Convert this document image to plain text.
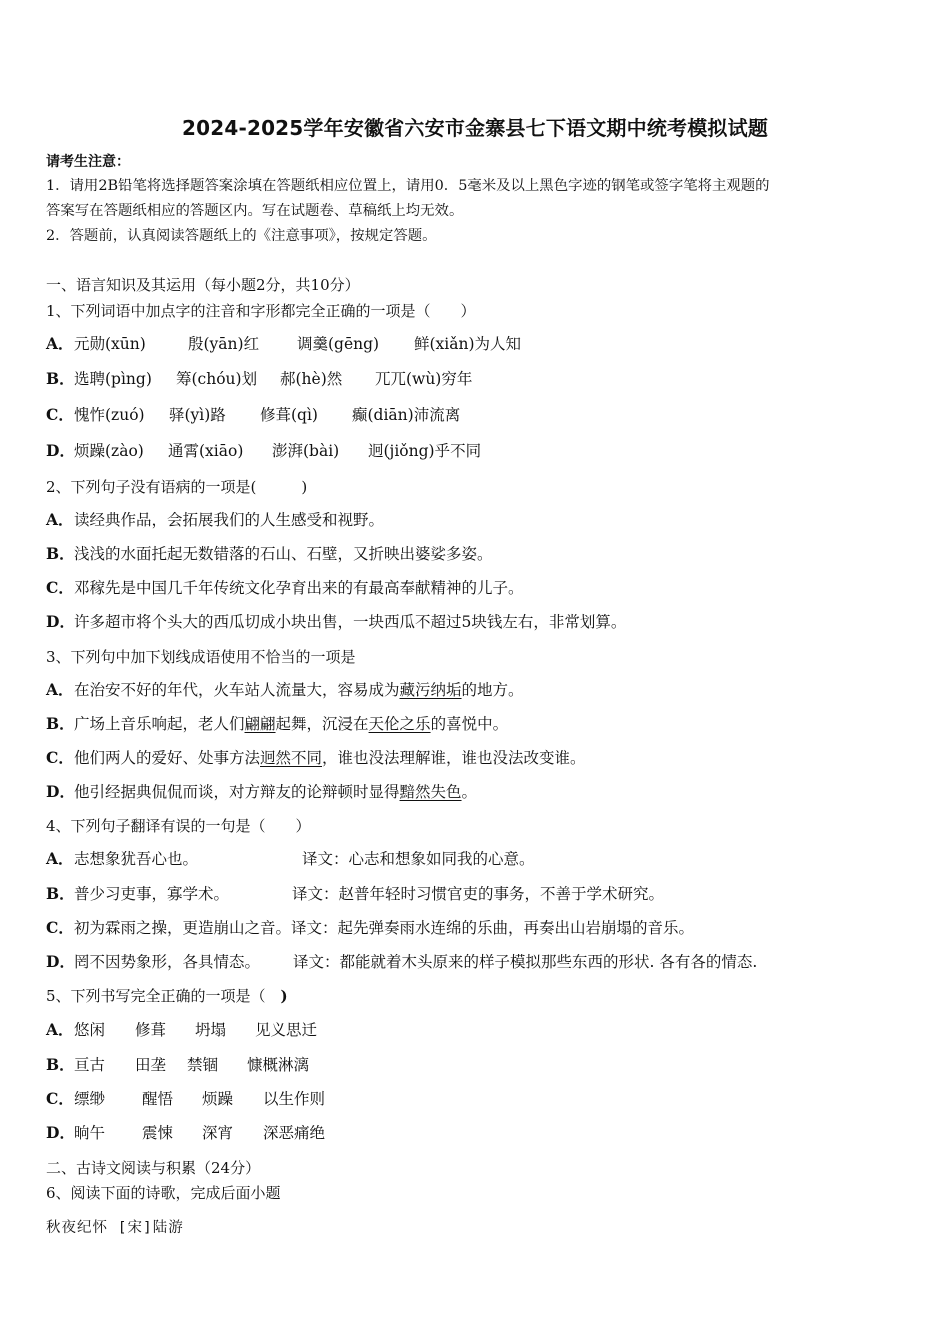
2024-2025学年安徽省六安市金寨县七下语文期中统考模拟试题
请考生注意：
1．请用2B铅笔将选择题答案涂填在答题纸相应位置上，请用0．5毫米及以上黑色字迹的钢笔或签字笔将主观题的
答案写在答题纸相应的答题区内。写在试题卷、草稿纸上均无效。
2．答题前，认真阅读答题纸上的《注意事项》，按规定答题。
一、语言知识及其运用（每小题2分，共10分）
1、下列词语中加点字的注音和字形都完全正确的一项是（　　）
A． 元勋(xūn)	殷(yān)红 调羹(gēng) 鲜(xiǎn)为人知
B． 选聘(pìng) 筹(chóu)划 郝(hè)然 兀兀(wù)穷年
C． 愧怍(zuó) 驿(yì)路 修葺(qì) 癫(diān)沛流离
D． 烦躁(zào) 通霄(xiāo) 澎湃(bài) 迥(jiǒng)乎不同
2、下列句子没有语病的一项是(　　　)
A．读经典作品，会拓展我们的人生感受和视野。
B．浅浅的水面托起无数错落的石山、石壁，又折映出婆娑多姿。
C．邓稼先是中国几千年传统文化孕育出来的有最高奉献精神的儿子。
D．许多超市将个头大的西瓜切成小块出售，一块西瓜不超过5块钱左右，非常划算。
3、下列句中加下划线成语使用不恰当的一项是
A．在治安不好的年代，火车站人流量大，容易成为藏污纳垢的地方。
B．广场上音乐响起，老人们翩翩起舞，沉浸在天伦之乐的喜悦中。
C．他们两人的爱好、处事方法迥然不同，谁也没法理解谁，谁也没法改变谁。
D．他引经据典侃侃而谈，对方辩友的论辩顿时显得黯然失色。
4、下列句子翻译有误的一句是（　　）
A．志想象犹吾心也。	译文：心志和想象如同我的心意。
B．普少习吏事，寡学术。	译文：赵普年轻时习惯官吏的事务，不善于学术研究。
C．初为霖雨之操，更造崩山之音。译文：起先弹奏雨水连绵的乐曲，再奏出山岩崩塌的音乐。
D．罔不因势象形，各具情态。 译文：都能就着木头原来的样子模拟那些东西的形状. 各有各的情态.
5、下列书写完全正确的一项是（　)
A． 悠闲 修葺 坍塌 见义思迁
B． 亘古 田垄 禁锢 慷概淋漓
C． 缥缈 醒悟 烦躁 以生作则
D． 晌午 震悚 深宵 深恶痛绝
二、古诗文阅读与积累（24分）
6、阅读下面的诗歌，完成后面小题
秋夜纪怀 [宋]陆游
